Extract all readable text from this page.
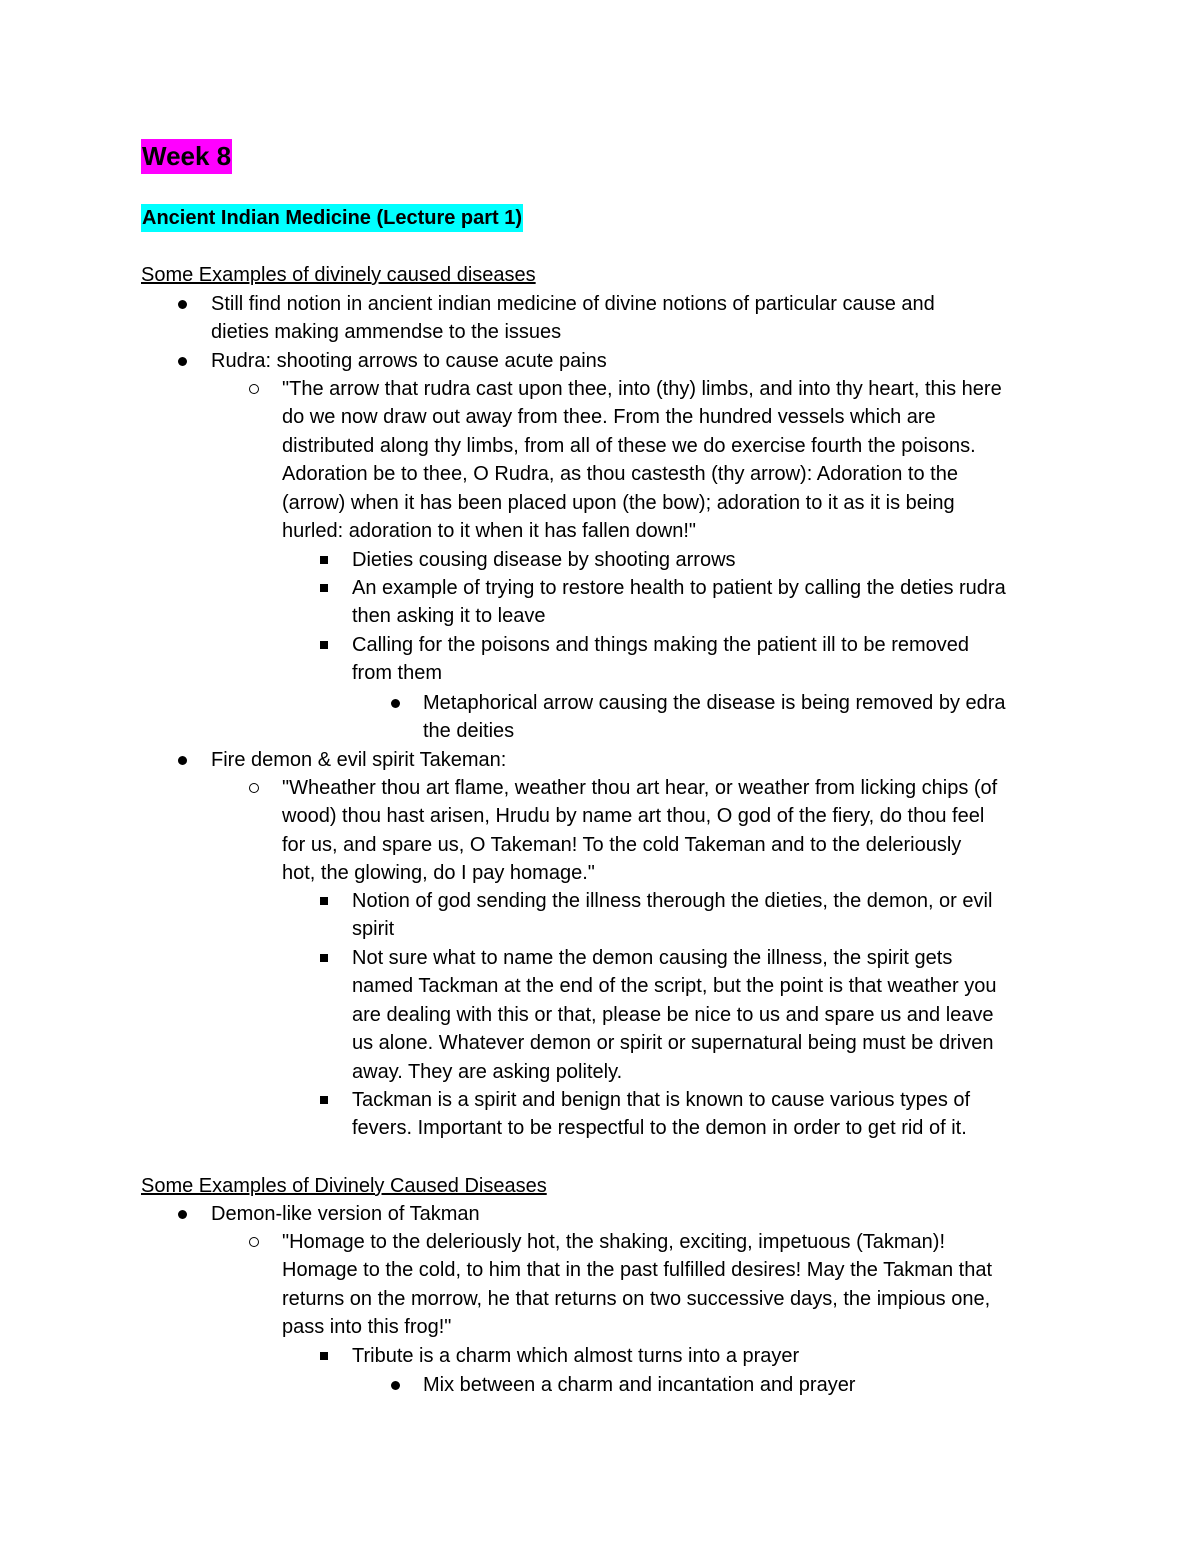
Week 8
Ancient Indian Medicine (Lecture part 1)
Some Examples of divinely caused diseases
Some Examples of Divinely Caused Diseases
Still find notion in ancient indian medicine of divine notions of particular cause and
dieties making ammendse to the issues
Rudra: shooting arrows to cause acute pains
"The arrow that rudra cast upon thee, into (thy) limbs, and into thy heart, this here
do we now draw out away from thee. From the hundred vessels which are
distributed along thy limbs, from all of these we do exercise fourth the poisons.
Adoration be to thee, O Rudra, as thou castesth (thy arrow): Adoration to the
(arrow) when it has been placed upon (the bow); adoration to it as it is being
hurled: adoration to it when it has fallen down!"
Dieties cousing disease by shooting arrows
An example of trying to restore health to patient by calling the deties rudra
then asking it to leave
Calling for the poisons and things making the patient ill to be removed
from them
Metaphorical arrow causing the disease is being removed by edra
the deities
Fire demon & evil spirit Takeman:
"Wheather thou art flame, weather thou art hear, or weather from licking chips (of
wood) thou hast arisen, Hrudu by name art thou, O god of the fiery, do thou feel
for us, and spare us, O Takeman! To the cold Takeman and to the deleriously
hot, the glowing, do I pay homage."
Notion of god sending the illness therough the dieties, the demon, or evil
spirit
Not sure what to name the demon causing the illness, the spirit gets
named Tackman at the end of the script, but the point is that weather you
are dealing with this or that, please be nice to us and spare us and leave
us alone. Whatever demon or spirit or supernatural being must be driven
away. They are asking politely.
Tackman is a spirit and benign that is known to cause various types of
fevers. Important to be respectful to the demon in order to get rid of it.
Demon-like version of Takman
"Homage to the deleriously hot, the shaking, exciting, impetuous (Takman)!
Homage to the cold, to him that in the past fulfilled desires! May the Takman that
returns on the morrow, he that returns on two successive days, the impious one,
pass into this frog!"
Tribute is a charm which almost turns into a prayer
Mix between a charm and incantation and prayer
